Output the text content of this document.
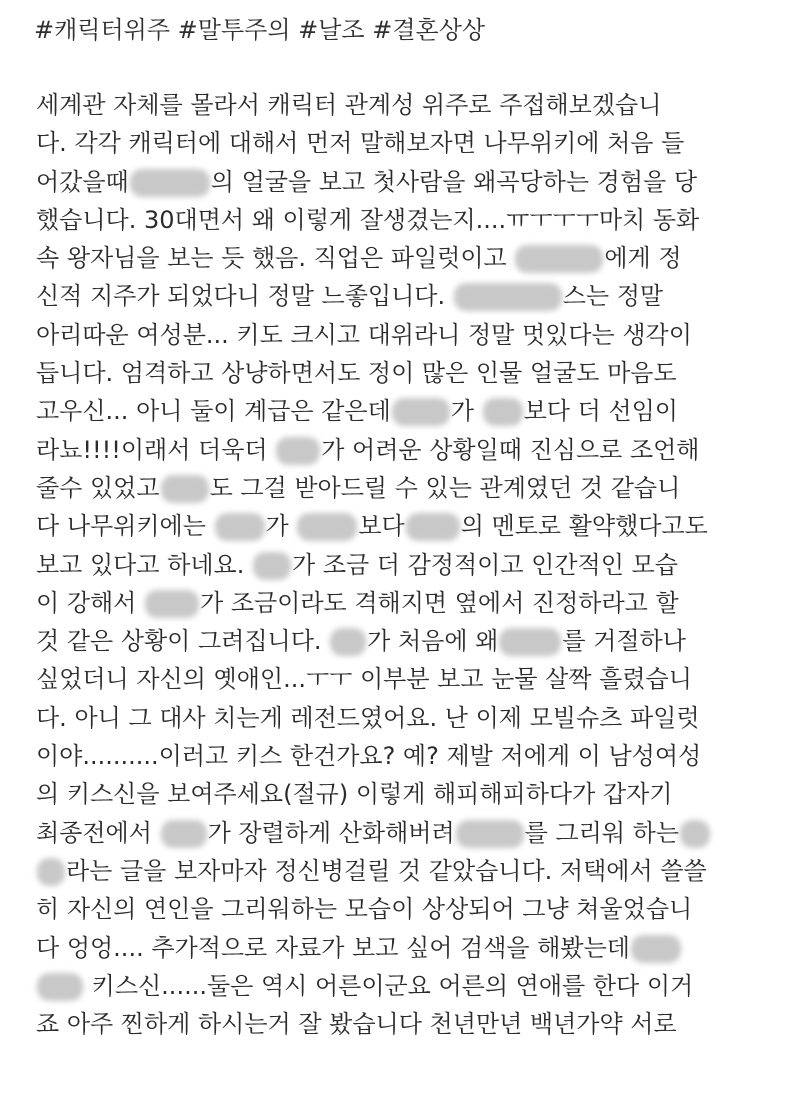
#캐릭터위주 #말투주의 #날조 #결혼상상
세계관 자체를 몰라서 캐릭터 관계성 위주로 주접해보겠습니
다. 각각 캐릭터에 대해서 먼저 말해보자면 나무위키에 처음 들
어갔을때	의 얼굴을 보고 첫사람을 왜곡당하는 경험을 당
했습니다. 30대면서 왜 이렇게 잘생겼는지....ㅠㅜㅜㅜ마치 동화
속 왕자님을 보는 듯 했음. 직업은 파일럿이고	에게 정
신적 지주가 되었다니 정말 느좋입니다.	스는 정말
아리따운 여성분... 키도 크시고 대위라니 정말 멋있다는 생각이
듭니다. 엄격하고 상냥하면서도 정이 많은 인물 얼굴도 마음도
고우신... 아니 둘이 계급은 같은데	가 보다 더 선임이
라뇨!!!!이래서 더욱더 가 어려운 상황일때 진심으로 조언해
줄수 있었고 도 그걸 받아드릴 수 있는 관계였던 것 같습니
다 나무위키에는 가	보다 의 멘토로 활약했다고도
보고 있다고 하네요. 가 조금 더 감정적이고 인간적인 모습
이 강해서 가 조금이라도 격해지면 옆에서 진정하라고 할
것 같은 상황이 그려집니다. 가 처음에 왜	를 거절하나
싶었더니 자신의 옛애인...ㅜㅜ 이부분 보고 눈물 살짝 흘렸습니
다. 아니 그 대사 치는게 레전드였어요. 난 이제 모빌슈츠 파일럿
이야..........이러고 키스 한건가요? 예? 제발 저에게 이 남성여성
의 키스신을 보여주세요(절규) 이렇게 해피해피하다가 갑자기
최종전에서 가 장렬하게 산화해버려	를 그리워 하는
라는 글을 보자마자 정신병걸릴 것 같았습니다. 저택에서 쓸쓸
히 자신의 연인을 그리워하는 모습이 상상되어 그냥 쳐울었습니
다 엉엉.... 추가적으로 자료가 보고 싶어 검색을 해봤는데
키스신......둘은 역시 어른이군요 어른의 연애를 한다 이거
죠 아주 찐하게 하시는거 잘 봤습니다 천년만년 백년가약 서로
